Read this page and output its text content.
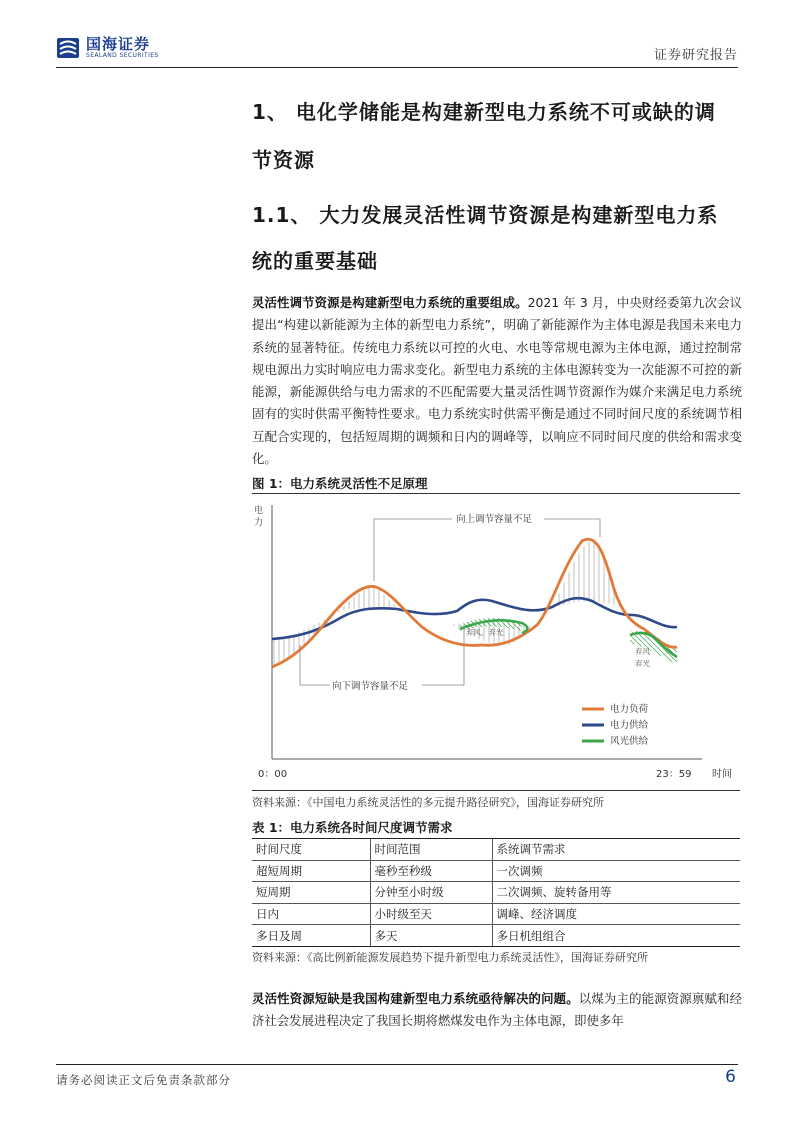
国海证券
SEALAND SECURITIES	证券研究报告
1、 电化学储能是构建新型电力系统不可或缺的调
节资源
1.1、 大力发展灵活性调节资源是构建新型电力系
统的重要基础
灵活性调节资源是构建新型电力系统的重要组成。2021 年 3 月，中央财经委第九次会议提出“构建以新能源为主体的新型电力系统”，明确了新能源作为主体电源是我国未来电力系统的显著特征。传统电力系统以可控的火电、水电等常规电源为主体电源，通过控制常规电源出力实时响应电力需求变化。新型电力系统的主体电源转变为一次能源不可控的新能源，新能源供给与电力需求的不匹配需要大量灵活性调节资源作为媒介来满足电力系统固有的实时供需平衡特性要求。电力系统实时供需平衡是通过不同时间尺度的系统调节相互配合实现的，包括短周期的调频和日内的调峰等，以响应不同时间尺度的供给和需求变化。
图 1：电力系统灵活性不足原理
电
力
0：00	23：59 时间
向上调节容量不足
向下调节容量不足
弃风、弃光
弃风
弃光
电力负荷
电力供给
风光供给
资料来源：《中国电力系统灵活性的多元提升路径研究》，国海证券研究所
表 1：电力系统各时间尺度调节需求
时间尺度	时间范围	系统调节需求
超短周期	毫秒至秒级	一次调频
短周期	分钟至小时级	二次调频、旋转备用等
日内	小时级至天	调峰、经济调度
多日及周	多天	多日机组组合
资料来源：《高比例新能源发展趋势下提升新型电力系统灵活性》，国海证券研究所
灵活性资源短缺是我国构建新型电力系统亟待解决的问题。以煤为主的能源资源禀赋和经济社会发展进程决定了我国长期将燃煤发电作为主体电源，即使多年
请务必阅读正文后免责条款部分	6
